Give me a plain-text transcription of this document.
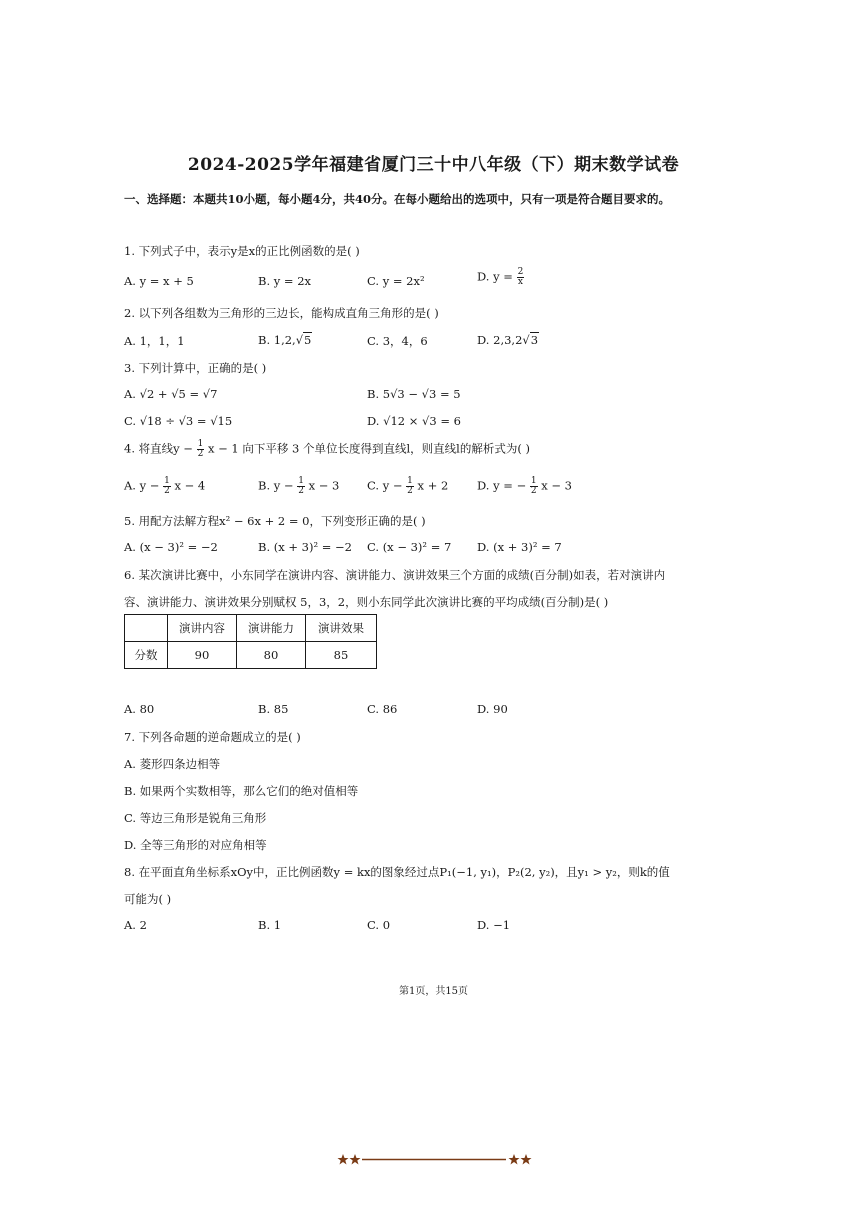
2024-2025学年福建省厦门三十中八年级（下）期末数学试卷
一、选择题：本题共10小题，每小题4分，共40分。在每小题给出的选项中，只有一项是符合题目要求的。
1. 下列式子中，表示y是x的正比例函数的是( )
A. y = x + 5	B. y = 2x	C. y = 2x²	D. $y = \frac{2}{x}$
2. 以下列各组数为三角形的三边长，能构成直角三角形的是( )
A. 1，1，1	B. 1,2,√5	C. 3，4，6	D. 2,3,2√3
3. 下列计算中，正确的是( )
A. √2 + √5 = √7	B. 5√3 − √3 = 5
C. √18 ÷ √3 = √15	D. √12 × √3 = 6
4. 将直线$y - \frac{1}{2}$ x − 1 向下平移 3 个单位长度得到直线l，则直线l的解析式为( )
A. $y - \frac{1}{2}$ x − 4	B. $y - \frac{1}{2}$ x − 3 C. $y - \frac{1}{2}$ x + 2 D. y = − $\frac{1}{2}$ x − 3
5. 用配方法解方程x² − 6x + 2 = 0，下列变形正确的是( )
A. (x − 3)² = −2	B. (x + 3)² = −2 C. (x − 3)² = 7 D. (x + 3)² = 7
6. 某次演讲比赛中，小东同学在演讲内容、演讲能力、演讲效果三个方面的成绩(百分制)如表，若对演讲内
容、演讲能力、演讲效果分别赋权 5，3，2，则小东同学此次演讲比赛的平均成绩(百分制)是( )
	演讲内容	演讲能力	演讲效果
分数	90	80	85
A. 80	B. 85	C. 86	D. 90
7. 下列各命题的逆命题成立的是( )
A. 菱形四条边相等
B. 如果两个实数相等，那么它们的绝对值相等
C. 等边三角形是锐角三角形
D. 全等三角形的对应角相等
8. 在平面直角坐标系xOy中，正比例函数y = kx的图象经过点P₁(−1, y₁)，P₂(2, y₂)，且y₁ > y₂，则k的值
可能为( )
A. 2	B. 1	C. 0	D. −1
第1页，共15页
